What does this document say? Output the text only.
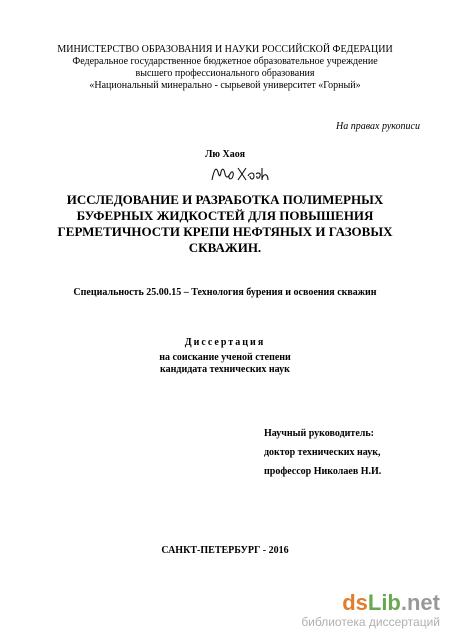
МИНИСТЕРСТВО ОБРАЗОВАНИЯ И НАУКИ РОССИЙСКОЙ ФЕДЕРАЦИИ
Федеральное государственное бюджетное образовательное учреждение
высшего профессионального образования
«Национальный минерально - сырьевой университет «Горный»
На правах рукописи
Лю Хаоя
ИССЛЕДОВАНИЕ И РАЗРАБОТКА ПОЛИМЕРНЫХ
БУФЕРНЫХ ЖИДКОСТЕЙ ДЛЯ ПОВЫШЕНИЯ
ГЕРМЕТИЧНОСТИ КРЕПИ НЕФТЯНЫХ И ГАЗОВЫХ
СКВАЖИН.
Специальность 25.00.15 – Технология бурения и освоения скважин
Диссертация
на соискание ученой степени
кандидата технических наук
Научный руководитель:
доктор технических наук,
профессор Николаев Н.И.
САНКТ-ПЕТЕРБУРГ - 2016
dsLib.net
библиотека диссертаций
